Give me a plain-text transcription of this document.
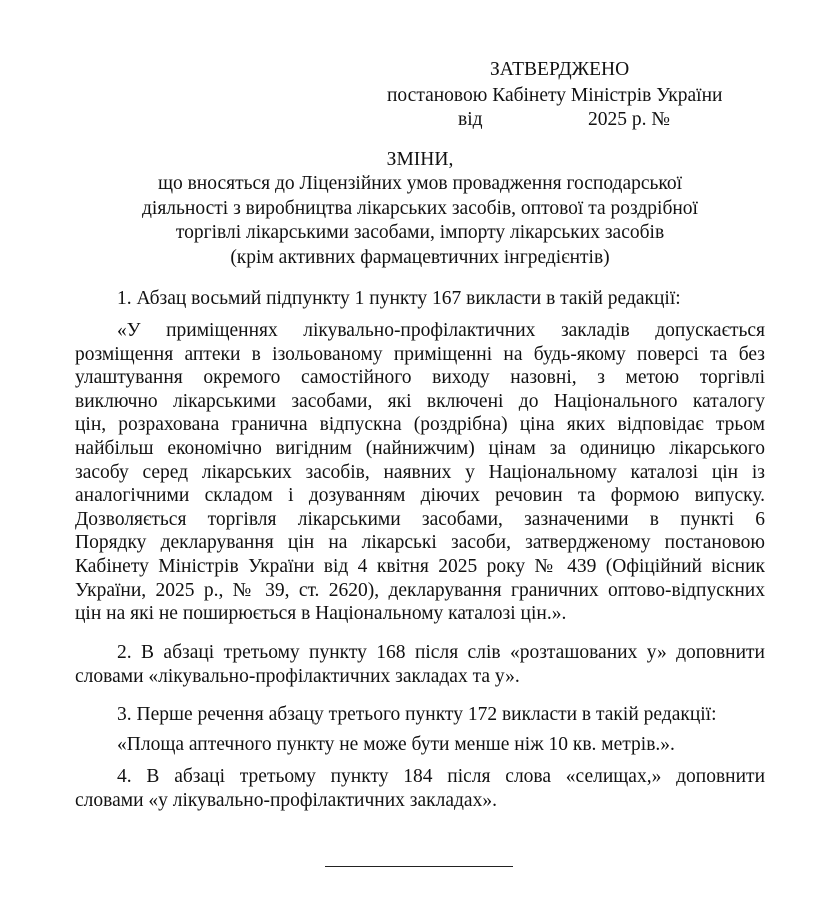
ЗАТВЕРДЖЕНО
постановою Кабінету Міністрів України
від	2025 р. №
ЗМІНИ,
що вносяться до Ліцензійних умов провадження господарської
діяльності з виробництва лікарських засобів, оптової та роздрібної
торгівлі лікарськими засобами, імпорту лікарських засобів
(крім активних фармацевтичних інгредієнтів)
1. Абзац восьмий підпункту 1 пункту 167 викласти в такій редакції:
«У приміщеннях лікувально-профілактичних закладів допускається
розміщення аптеки в ізольованому приміщенні на будь-якому поверсі та без
улаштування окремого самостійного виходу назовні, з метою торгівлі
виключно лікарськими засобами, які включені до Національного каталогу
цін, розрахована гранична відпускна (роздрібна) ціна яких відповідає трьом
найбільш економічно вигідним (найнижчим) цінам за одиницю лікарського
засобу серед лікарських засобів, наявних у Національному каталозі цін із
аналогічними складом і дозуванням діючих речовин та формою випуску.
Дозволяється торгівля лікарськими засобами, зазначеними в пункті 6
Порядку декларування цін на лікарські засоби, затвердженому постановою
Кабінету Міністрів України від 4 квітня 2025 року № 439 (Офіційний вісник
України, 2025 р., № 39, ст. 2620), декларування граничних оптово-відпускних
цін на які не поширюється в Національному каталозі цін.».
2. В абзаці третьому пункту 168 після слів «розташованих у» доповнити
словами «лікувально-профілактичних закладах та у».
3. Перше речення абзацу третього пункту 172 викласти в такій редакції:
«Площа аптечного пункту не може бути менше ніж 10 кв. метрів.».
4. В абзаці третьому пункту 184 після слова «селищах,» доповнити
словами «у лікувально-профілактичних закладах».
